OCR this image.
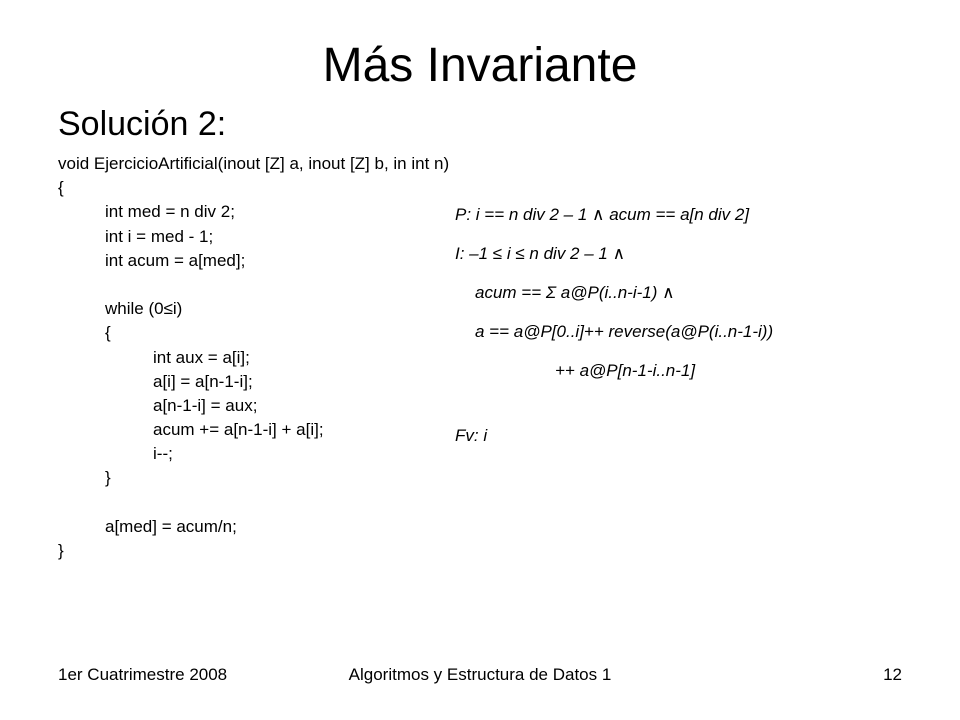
Más Invariante
Solución 2:
void EjercicioArtificial(inout [Z] a, inout [Z] b, in int n)
{
int med = n div 2;
int i = med - 1;
int acum = a[med];
while (0≤i)
{
int aux = a[i];
a[i] = a[n-1-i];
a[n-1-i] = aux;
acum += a[n-1-i] + a[i];
i--;
}
a[med] = acum/n;
}
P: i == n div 2 – 1 ∧ acum == a[n div 2]
I: –1 ≤ i ≤ n div 2 – 1 ∧
acum == Σ a@P(i..n-i-1) ∧
a == a@P[0..i]++ reverse(a@P(i..n-1-i))
++ a@P[n-1-i..n-1]
Fv: i
1er Cuatrimestre 2008	Algoritmos y Estructura de Datos 1	12
